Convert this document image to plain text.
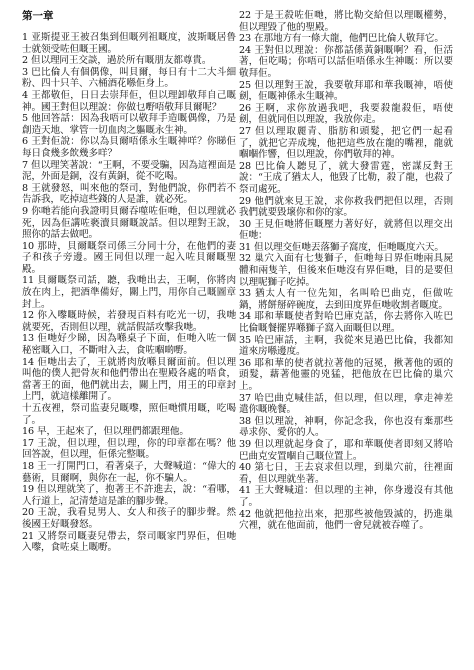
第一章

1 亚斯提亚王被召集到但嘅列祖嘅度，波斯嘅居鲁士就领受咗但嘅王國。

2 但以理同王交談，過於所有嘅朋友都尊貴。

3 巴比倫人有個偶像，叫貝爾，每日有十二大斗細粉、四十只羊、六桶酒花喺佢身上。

4 王都敬佢，日日去崇拜佢，但以理卸敬拜自己嘅神。國王對但以理說：你做乜嘢唔敬拜貝爾呢？

5 他回答話：因為我唔可以敬拜手造嘅偶像，乃是創造天地、掌管一切血肉之軀嘅永生神。

6 王對佢說：你以為貝爾唔係永生嘅神咩？你睇佢每日食幾多飲幾多咩？

7 但以理笑著說：“王啊，不要受騙，因為這裡面是泥，外面是銅，沒有黃銅，從不吃喝。

8 王就發怒，叫來他的祭司，對他們說，你們若不告訴我，吃掉這些錢的人是誰，就必死。

9 你哋若能向我證明貝爾吞噬咗佢哋，但以理就必死，因為佢講咗褻瀆貝爾嘅說話。但以理對王說，照你的話去做吧。

10 那時，貝爾嘅祭司係三分同十分，在他們的妻子和孩子旁邊。國王同但以理一起入咗貝爾嘅聖殿。

11 貝爾嘅祭司話，聽，我哋出去，王啊，你將肉放在肉上，把酒準備好，關上門，用你自己嘅圖章封上。

12 你入嚟嘅時候，若發現百料有吃光一切，我哋就要死，否則但以理，就話假話攻擊我哋。

13 佢哋好少睇，因為喺桌子下面，佢哋入咗一個秘密嘅入口，不斷咁入去，食咗嗰啲嘢。

14 佢哋出去了，王就將肉放喺貝爾面前。但以理叫他的僕人把骨灰和他們帶出在聖殿各處的唔食，當著王的面，他們就出去，關上門，用王的印章封上門，就這樣離開了。

十五夜裡，祭司监妻兒嘅嚟，照佢哋慣用嘅，吃喝了。

16 早，王起來了，但以理們都跟理他。

17 王說，但以理，但以理，你的印章都在嗎？他回答說，但以理，佢係完整嘅。

18 王一打開門口，看著桌子，大聲喊道：“偉大的藝術，貝爾啊，與你在一起，你不騙人。

19 但以理就笑了，抱著王不許進去，說：“看哪，人行道上，記清楚這是誰的腳步聲。

20 王說，我看見男人、女人和孩子的腳步聲。然後國王好嘅發怒。

21 又將祭司嘅妻兒帶去，祭司嘅家門界佢，但哋入嚟，食咗桌上嘅嘢。

22 于是王殺咗佢哋，將比勒交給但以理嘅權勢，但以理毀了他的聖殿。

23 在那地方有一條大龍，他們巴比倫人敬拜它。

24 王對但以理說：你都話係黃銅嘅啊？看，佢活著，佢吃喝；你唔可以話佢唔係永生神嘅：所以要敬拜佢。

25 但以理對王說，我要敬拜耶和華我嘅神，唔使劍，佢嘅神係永生嘅神。

26 王啊，求你放過我吧，我要殺龍殺佢，唔使劍，但就同但以理說，我放你走。

27 但以理取麗青、脂肪和頭髮，把它們一起看了，就把它弄成塊，他把這些放在龍的嘴裡，龍就嗰嗰作響，但以理說，你們敬拜的神。

28 巴比倫人聽見了，就大發雷霆，密謀反對王說：“王成了猶太人，他毀了比勒，殺了龍，也殺了祭司處死。

29 他們就來見王說，求你救我們把但以理，否則我們就要毀壞你和你的家。

30 王見佢哋將佢嘅壓力著好好，就將但以理交出佢哋：

31 但以理交佢哋丟落獅子窩度，佢哋嘅度六天。

32 巢穴入面有七隻獅子，佢哋每日界佢哋兩具屍體和兩隻羊，但後來佢哋沒有界佢哋，目的是要但以理呢獅子吃掉。

33 猶太人有一位先知，名叫哈巴曲克，佢做咗鍋，將餅掰碎碗度，去到田度界佢哋收割者嘅度。

34 耶和華嘅使者對哈巴庫克話，你去將你入咗巴比倫嘅餐擺界喺獅子窩入面嘅但以理。

35 哈巴庫話，主啊，我從來見過巴比倫，我都知道來房喺邊度。

36 耶和華的使者就拉著他的冠冕，揪著他的頭的頭髮，藉著他靈的兇猛，把他放在巴比倫的巢穴上。

37 哈巴曲克喊佳話，但以理，但以理，拿走神差遣你嘅晚餐。

38 但以理說，神啊，你記念我，你也沒有棄那些尋求你、愛你的人。

39 但以理就起身食了，耶和華嘅使者即刻又將哈巴曲克安置嗰自己嘅位置上。

40 第七日，王去哀求但以理，到巢穴前，往裡面看，但以理就坐著。

41 王大聲喊道：但以理的主神，你身邊沒有其他了。

42 他就把他拉出來，把那些被他毀滅的，扔進巢穴裡，就在他面前，他們一會兒就被吞噬了。
